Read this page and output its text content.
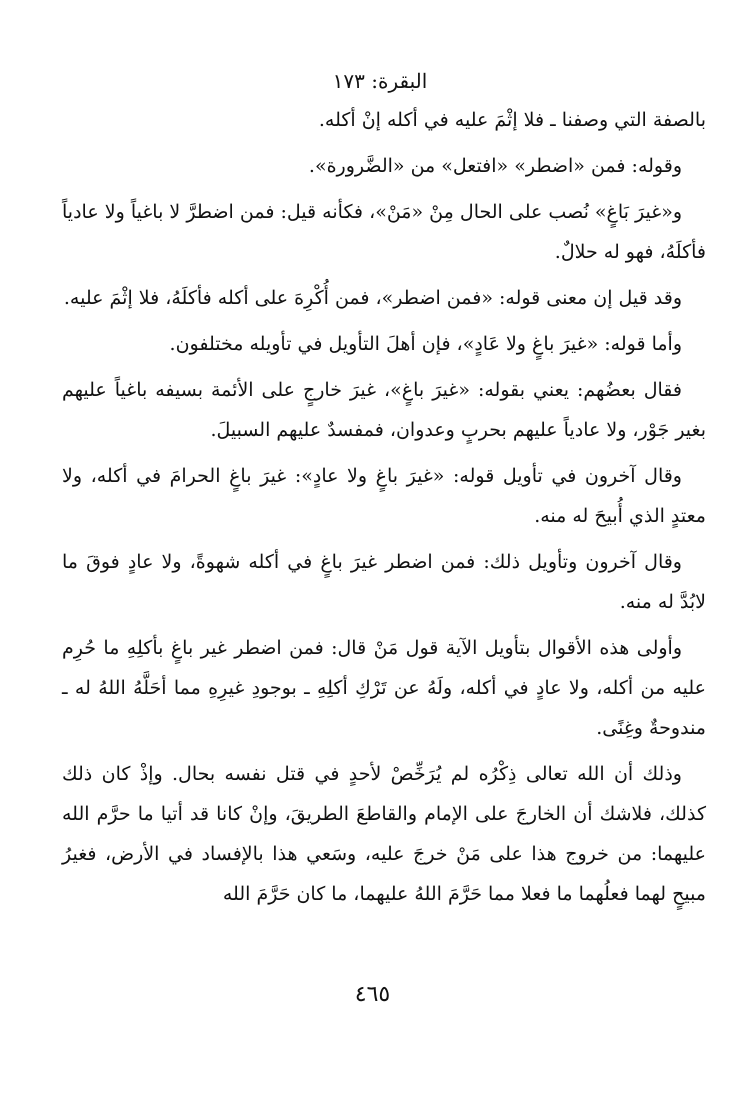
البقرة: ١٧٣

بالصفة التي وصفنا ـ فلا إثْمَ عليه في أكله إنْ أكله.

وقوله: فمن «اضطر» «افتعل» من «الضَّرورة».

و«غيرَ بَاغٍ» نُصب على الحال مِنْ «مَنْ»، فكأنه قيل: فمن اضطرَّ لا باغياً ولا عادياً فأكلَهُ، فهو له حلالٌ.

وقد قيل إن معنى قوله: «فمن اضطر»، فمن أُكْرِهَ على أكله فأكلَهُ، فلا إثْمَ عليه.

وأما قوله: «غيرَ باغٍ ولا عَادٍ»، فإن أهلَ التأويل في تأويله مختلفون.

فقال بعضُهم: يعني بقوله: «غيرَ باغٍ»، غيرَ خارجٍ على الأئمة بسيفه باغياً عليهم بغير جَوْر، ولا عادياً عليهم بحربٍ وعدوان، فمفسدٌ عليهم السبيلَ.

وقال آخرون في تأويل قوله: «غيرَ باغٍ ولا عادٍ»: غيرَ باغٍ الحرامَ في أكله، ولا معتدٍ الذي أُبيحَ له منه.

وقال آخرون وتأويل ذلك: فمن اضطر غيرَ باغٍ في أكله شهوةً، ولا عادٍ فوقَ ما لابُدَّ له منه.

وأولى هذه الأقوال بتأويل الآية قول مَنْ قال: فمن اضطر غير باغٍ بأكلِهِ ما حُرِم عليه من أكله، ولا عادٍ في أكله، ولَهُ عن تَرْكِ أكلِهِ ـ بوجودِ غيرِهِ مما أحَلَّهُ اللهُ له ـ مندوحةٌ وغِنًى.

وذلك أن الله تعالى ذِكْرُه لم يُرَخِّصْ لأحدٍ في قتل نفسه بحال. وإذْ كان ذلك كذلك، فلاشك أن الخارجَ على الإمام والقاطعَ الطريقَ، وإنْ كانا قد أتيا ما حرَّم الله عليهما: من خروج هذا على مَنْ خرجَ عليه، وسَعي هذا بالإفساد في الأرض، فغيرُ مبيحٍ لهما فعلُهما ما فعلا مما حَرَّمَ اللهُ عليهما، ما كان حَرَّمَ الله

٤٦٥
